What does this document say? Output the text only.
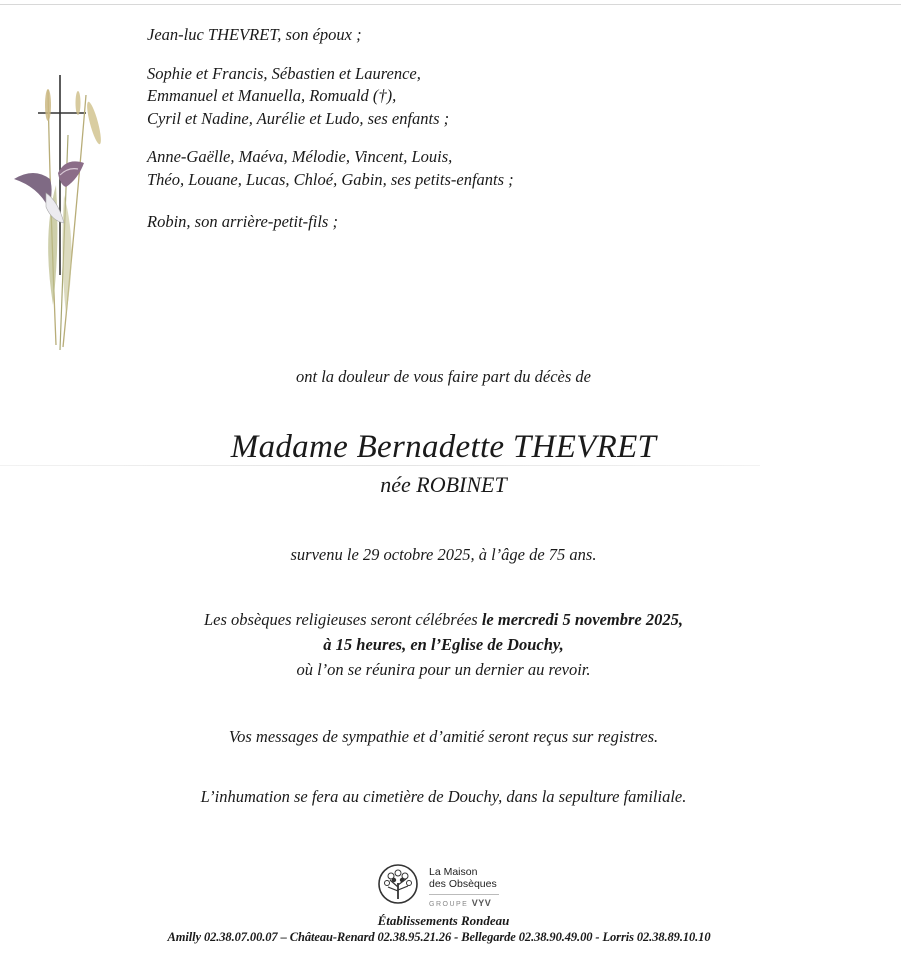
Jean-luc THEVRET, son époux ;

Sophie et Francis, Sébastien et Laurence,
Emmanuel et Manuella, Romuald (†),
Cyril et Nadine, Aurélie et Ludo, ses enfants ;

Anne-Gaëlle, Maéva, Mélodie, Vincent, Louis,
Théo, Louane, Lucas, Chloé, Gabin, ses petits-enfants ;

Robin, son arrière-petit-fils ;

ont la douleur de vous faire part du décès de
Madame Bernadette THEVRET
née ROBINET
survenu le 29 octobre 2025, à l’âge de 75 ans.
Les obsèques religieuses seront célébrées le mercredi 5 novembre 2025,
à 15 heures, en l’Eglise de Douchy,
où l’on se réunira pour un dernier au revoir.
Vos messages de sympathie et d’amitié seront reçus sur registres.
L’inhumation se fera au cimetière de Douchy, dans la sepulture familiale.
La Maison
des Obsèques
GROUPE VYV
Établissements Rondeau
Amilly 02.38.07.00.07 – Château-Renard 02.38.95.21.26 - Bellegarde 02.38.90.49.00 - Lorris 02.38.89.10.10
